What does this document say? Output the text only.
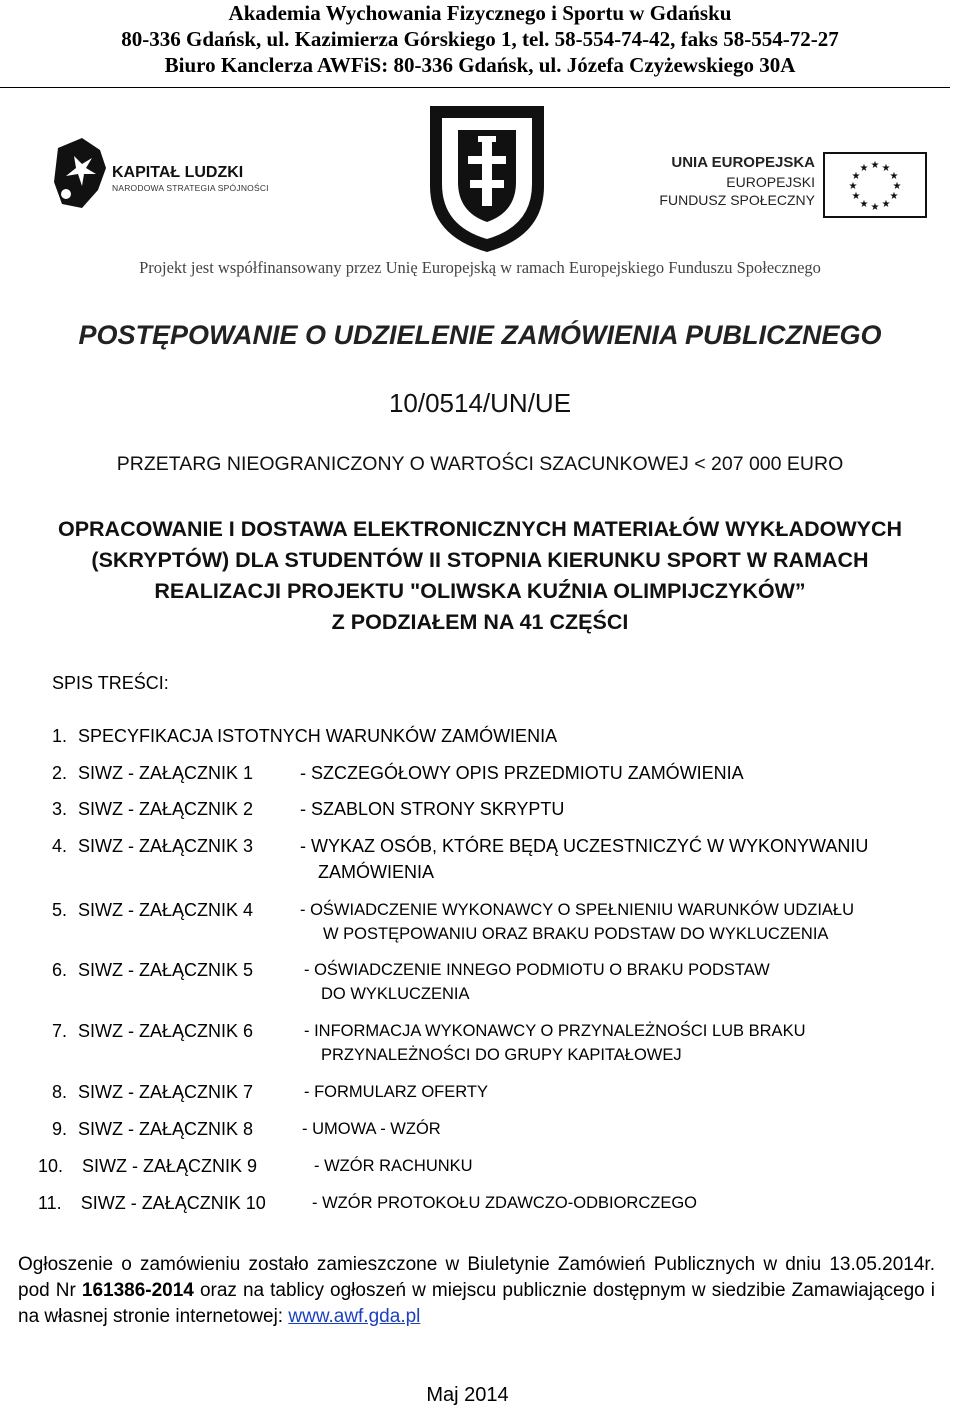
Akademia Wychowania Fizycznego i Sportu w Gdańsku
80-336 Gdańsk, ul. Kazimierza Górskiego 1, tel. 58-554-74-42, faks 58-554-72-27
Biuro Kanclerza AWFiS: 80-336 Gdańsk, ul. Józefa Czyżewskiego 30A
KAPITAŁ LUDZKI
NARODOWA STRATEGIA SPÓJNOŚCI
UNIA EUROPEJSKA
EUROPEJSKI
FUNDUSZ SPOŁECZNY
★ ★
★
★
★
★
★
★
★
★
★
★
Projekt jest współfinansowany przez Unię Europejską w ramach Europejskiego Funduszu Społecznego
POSTĘPOWANIE O UDZIELENIE ZAMÓWIENIA PUBLICZNEGO
10/0514/UN/UE
PRZETARG NIEOGRANICZONY O WARTOŚCI SZACUNKOWEJ < 207 000 EURO
OPRACOWANIE I DOSTAWA ELEKTRONICZNYCH MATERIAŁÓW WYKŁADOWYCH
(SKRYPTÓW) DLA STUDENTÓW II STOPNIA KIERUNKU SPORT W RAMACH
REALIZACJI PROJEKTU "OLIWSKA KUŹNIA OLIMPIJCZYKÓW”
Z PODZIAŁEM NA 41 CZĘŚCI
SPIS TREŚCI:
1. SPECYFIKACJA ISTOTNYCH WARUNKÓW ZAMÓWIENIA
2. SIWZ - ZAŁĄCZNIK 1	- SZCZEGÓŁOWY OPIS PRZEDMIOTU ZAMÓWIENIA
3. SIWZ - ZAŁĄCZNIK 2	- SZABLON STRONY SKRYPTU
4. SIWZ - ZAŁĄCZNIK 3	- WYKAZ OSÓB, KTÓRE BĘDĄ UCZESTNICZYĆ W WYKONYWANIU
ZAMÓWIENIA
5. SIWZ - ZAŁĄCZNIK 4	- OŚWIADCZENIE WYKONAWCY O SPEŁNIENIU WARUNKÓW UDZIAŁU
W POSTĘPOWANIU ORAZ BRAKU PODSTAW DO WYKLUCZENIA
6. SIWZ - ZAŁĄCZNIK 5	- OŚWIADCZENIE INNEGO PODMIOTU O BRAKU PODSTAW
DO WYKLUCZENIA
7. SIWZ - ZAŁĄCZNIK 6	- INFORMACJA WYKONAWCY O PRZYNALEŻNOŚCI LUB BRAKU
PRZYNALEŻNOŚCI DO GRUPY KAPITAŁOWEJ
8. SIWZ - ZAŁĄCZNIK 7	- FORMULARZ OFERTY
9. SIWZ - ZAŁĄCZNIK 8	- UMOWA - WZÓR
10. SIWZ - ZAŁĄCZNIK 9	- WZÓR RACHUNKU
11. SIWZ - ZAŁĄCZNIK 10	- WZÓR PROTOKOŁU ZDAWCZO-ODBIORCZEGO
Ogłoszenie o zamówieniu zostało zamieszczone w Biuletynie Zamówień Publicznych w dniu 13.05.2014r. pod Nr 161386-2014 oraz na tablicy ogłoszeń w miejscu publicznie dostępnym w siedzibie Zamawiającego i na własnej stronie internetowej: www.awf.gda.pl
Maj 2014
